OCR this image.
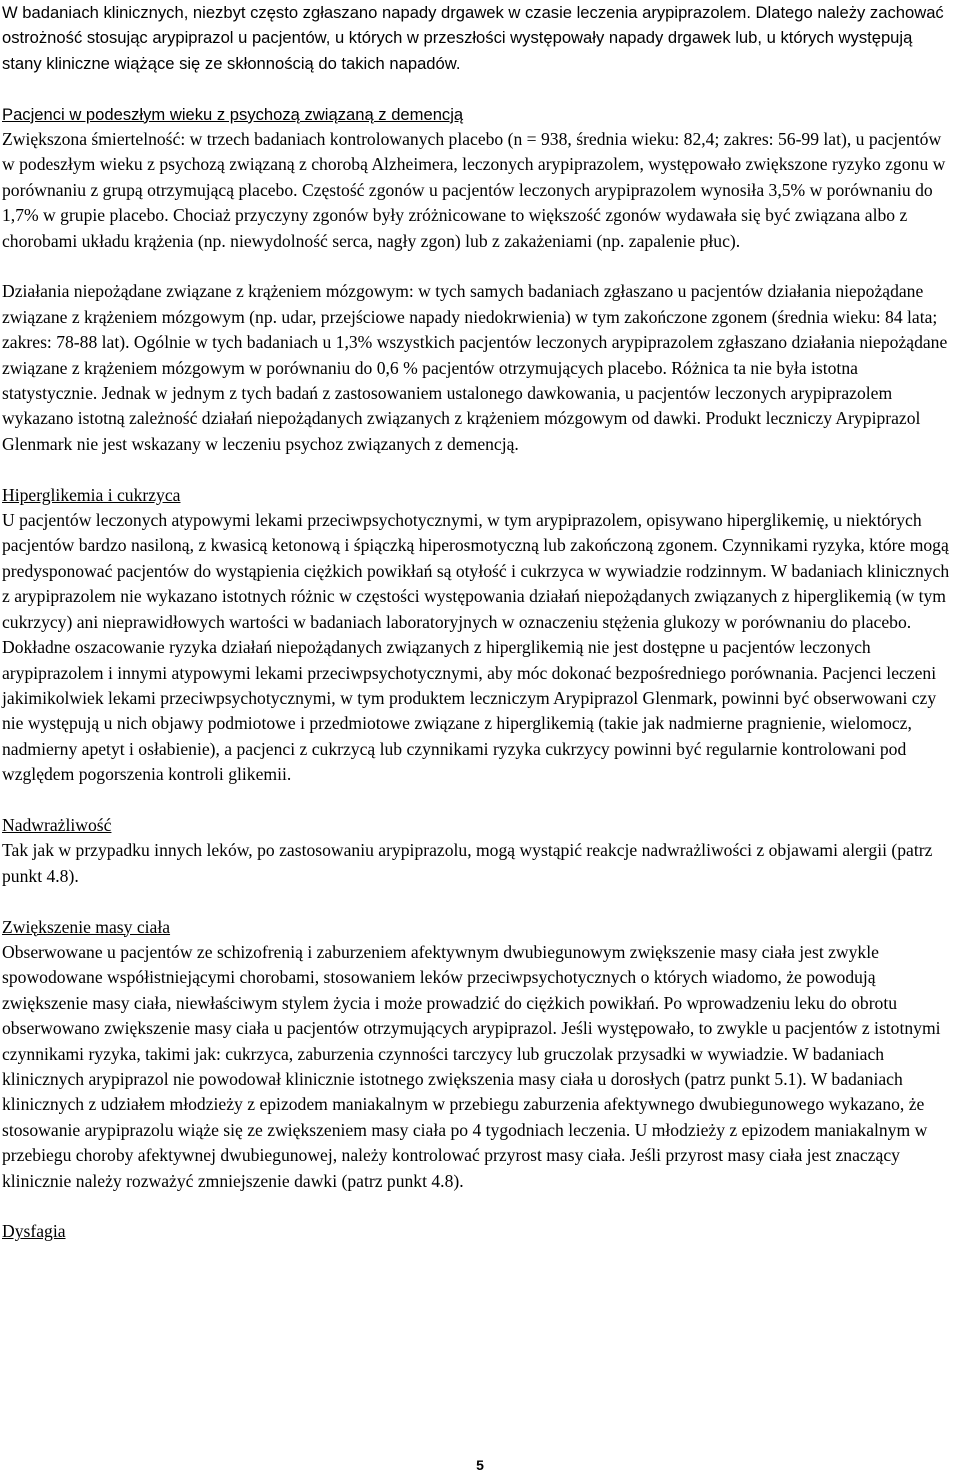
W badaniach klinicznych, niezbyt często zgłaszano napady drgawek w czasie leczenia arypiprazolem. Dlatego należy zachować ostrożność stosując arypiprazol u pacjentów, u których w przeszłości występowały napady drgawek lub, u których występują stany kliniczne wiążące się ze skłonnością do takich napadów.

Pacjenci w podeszłym wieku z psychozą związaną z demencją

Zwiększona śmiertelność: w trzech badaniach kontrolowanych placebo (n = 938, średnia wieku: 82,4; zakres: 56-99 lat), u pacjentów w podeszłym wieku z psychozą związaną z chorobą Alzheimera, leczonych arypiprazolem, występowało zwiększone ryzyko zgonu w porównaniu z grupą otrzymującą placebo. Częstość zgonów u pacjentów leczonych arypiprazolem wynosiła 3,5% w porównaniu do 1,7% w grupie placebo. Chociaż przyczyny zgonów były zróżnicowane to większość zgonów wydawała się być związana albo z chorobami układu krążenia (np. niewydolność serca, nagły zgon) lub z zakażeniami (np. zapalenie płuc).

Działania niepożądane związane z krążeniem mózgowym: w tych samych badaniach zgłaszano u pacjentów działania niepożądane związane z krążeniem mózgowym (np. udar, przejściowe napady niedokrwienia) w tym zakończone zgonem (średnia wieku: 84 lata; zakres: 78-88 lat). Ogólnie w tych badaniach u 1,3% wszystkich pacjentów leczonych arypiprazolem zgłaszano działania niepożądane związane z krążeniem mózgowym w porównaniu do 0,6 % pacjentów otrzymujących placebo. Różnica ta nie była istotna statystycznie. Jednak w jednym z tych badań z zastosowaniem ustalonego dawkowania, u pacjentów leczonych arypiprazolem wykazano istotną zależność działań niepożądanych związanych z krążeniem mózgowym od dawki. Produkt leczniczy Arypiprazol Glenmark nie jest wskazany w leczeniu psychoz związanych z demencją.

Hiperglikemia i cukrzyca

U pacjentów leczonych atypowymi lekami przeciwpsychotycznymi, w tym arypiprazolem, opisywano hiperglikemię, u niektórych pacjentów bardzo nasiloną, z kwasicą ketonową i śpiączką hiperosmotyczną lub zakończoną zgonem. Czynnikami ryzyka, które mogą predysponować pacjentów do wystąpienia ciężkich powikłań są otyłość i cukrzyca w wywiadzie rodzinnym. W badaniach klinicznych z arypiprazolem nie wykazano istotnych różnic w częstości występowania działań niepożądanych związanych z hiperglikemią (w tym cukrzycy) ani nieprawidłowych wartości w badaniach laboratoryjnych w oznaczeniu stężenia glukozy w porównaniu do placebo. Dokładne oszacowanie ryzyka działań niepożądanych związanych z hiperglikemią nie jest dostępne u pacjentów leczonych arypiprazolem i innymi atypowymi lekami przeciwpsychotycznymi, aby móc dokonać bezpośredniego porównania. Pacjenci leczeni jakimikolwiek lekami przeciwpsychotycznymi, w tym produktem leczniczym Arypiprazol Glenmark, powinni być obserwowani czy nie występują u nich objawy podmiotowe i przedmiotowe związane z hiperglikemią (takie jak nadmierne pragnienie, wielomocz, nadmierny apetyt i osłabienie), a pacjenci z cukrzycą lub czynnikami ryzyka cukrzycy powinni być regularnie kontrolowani pod względem pogorszenia kontroli glikemii.

Nadwrażliwość

Tak jak w przypadku innych leków, po zastosowaniu arypiprazolu, mogą wystąpić reakcje nadwrażliwości z objawami alergii (patrz punkt 4.8).

Zwiększenie masy ciała

Obserwowane u pacjentów ze schizofrenią i zaburzeniem afektywnym dwubiegunowym zwiększenie masy ciała jest zwykle spowodowane współistniejącymi chorobami, stosowaniem leków przeciwpsychotycznych o których wiadomo, że powodują zwiększenie masy ciała, niewłaściwym stylem życia i może prowadzić do ciężkich powikłań. Po wprowadzeniu leku do obrotu obserwowano zwiększenie masy ciała u pacjentów otrzymujących arypiprazol. Jeśli występowało, to zwykle u pacjentów z istotnymi czynnikami ryzyka, takimi jak: cukrzyca, zaburzenia czynności tarczycy lub gruczolak przysadki w wywiadzie. W badaniach klinicznych arypiprazol nie powodował klinicznie istotnego zwiększenia masy ciała u dorosłych (patrz punkt 5.1). W badaniach klinicznych z udziałem młodzieży z epizodem maniakalnym w przebiegu zaburzenia afektywnego dwubiegunowego wykazano, że stosowanie arypiprazolu wiąże się ze zwiększeniem masy ciała po 4 tygodniach leczenia. U młodzieży z epizodem maniakalnym w przebiegu choroby afektywnej dwubiegunowej, należy kontrolować przyrost masy ciała. Jeśli przyrost masy ciała jest znaczący klinicznie należy rozważyć zmniejszenie dawki (patrz punkt 4.8).

Dysfagia
5
